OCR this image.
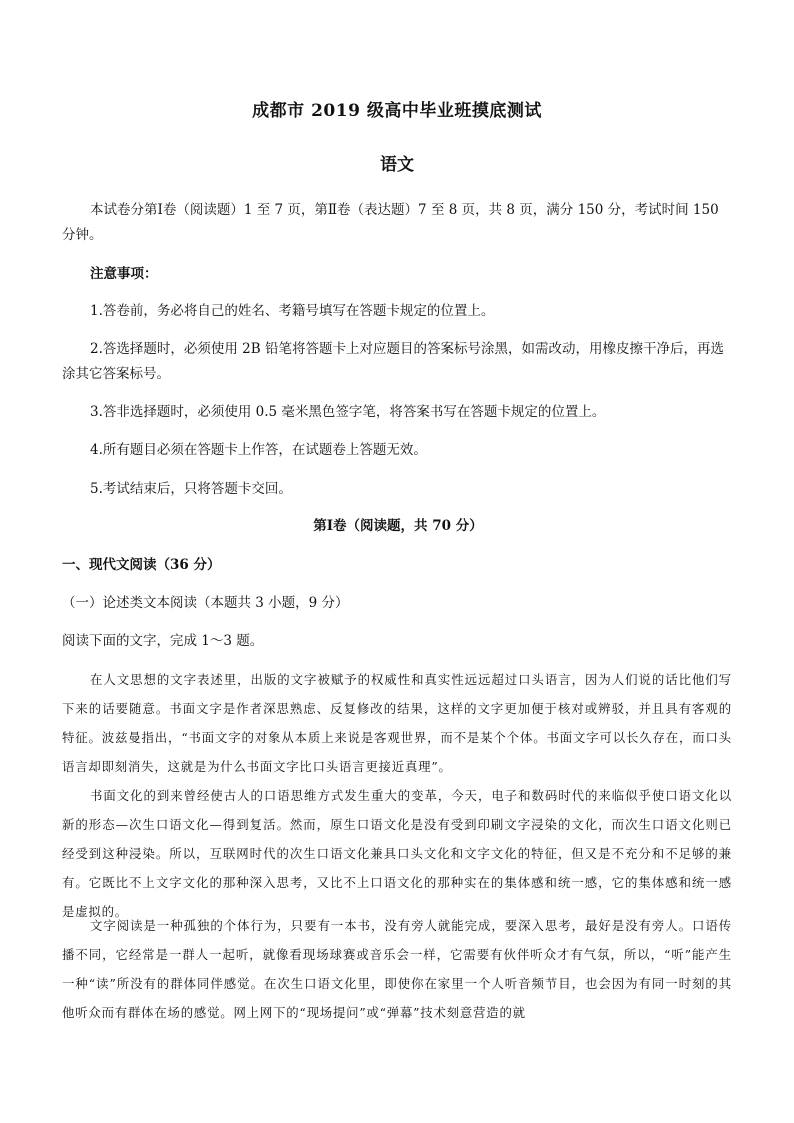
成都市 2019 级高中毕业班摸底测试
语文
本试卷分第Ⅰ卷（阅读题）1 至 7 页，第Ⅱ卷（表达题）7 至 8 页，共 8 页，满分 150 分，考试时间 150 分钟。
注意事项：
1.答卷前，务必将自己的姓名、考籍号填写在答题卡规定的位置上。
2.答选择题时，必须使用 2B 铅笔将答题卡上对应题目的答案标号涂黑，如需改动，用橡皮擦干净后，再选涂其它答案标号。
3.答非选择题时，必须使用 0.5 毫米黑色签字笔，将答案书写在答题卡规定的位置上。
4.所有题目必须在答题卡上作答，在试题卷上答题无效。
5.考试结束后，只将答题卡交回。
第Ⅰ卷（阅读题，共 70 分）
一、现代文阅读（36 分）
（一）论述类文本阅读（本题共 3 小题，9 分）
阅读下面的文字，完成 1～3 题。
在人文思想的文字表述里，出版的文字被赋予的权威性和真实性远远超过口头语言，因为人们说的话比他们写下来的话要随意。书面文字是作者深思熟虑、反复修改的结果，这样的文字更加便于核对或辨驳，并且具有客观的特征。波兹曼指出，“书面文字的对象从本质上来说是客观世界，而不是某个个体。书面文字可以长久存在，而口头语言却即刻消失，这就是为什么书面文字比口头语言更接近真理”。
书面文化的到来曾经使古人的口语思维方式发生重大的变革，今天，电子和数码时代的来临似乎使口语文化以新的形态—次生口语文化—得到复活。然而，原生口语文化是没有受到印刷文字浸染的文化，而次生口语文化则已经受到这种浸染。所以，互联网时代的次生口语文化兼具口头文化和文字文化的特征，但又是不充分和不足够的兼有。它既比不上文字文化的那种深入思考，又比不上口语文化的那种实在的集体感和统一感，它的集体感和统一感是虚拟的。
文字阅读是一种孤独的个体行为，只要有一本书，没有旁人就能完成，要深入思考，最好是没有旁人。口语传播不同，它经常是一群人一起听，就像看现场球赛或音乐会一样，它需要有伙伴听众才有气氛，所以，“听”能产生一种“读”所没有的群体同伴感觉。在次生口语文化里，即使你在家里一个人听音频节目，也会因为有同一时刻的其他听众而有群体在场的感觉。网上网下的“现场提问”或“弹幕”技术刻意营造的就
